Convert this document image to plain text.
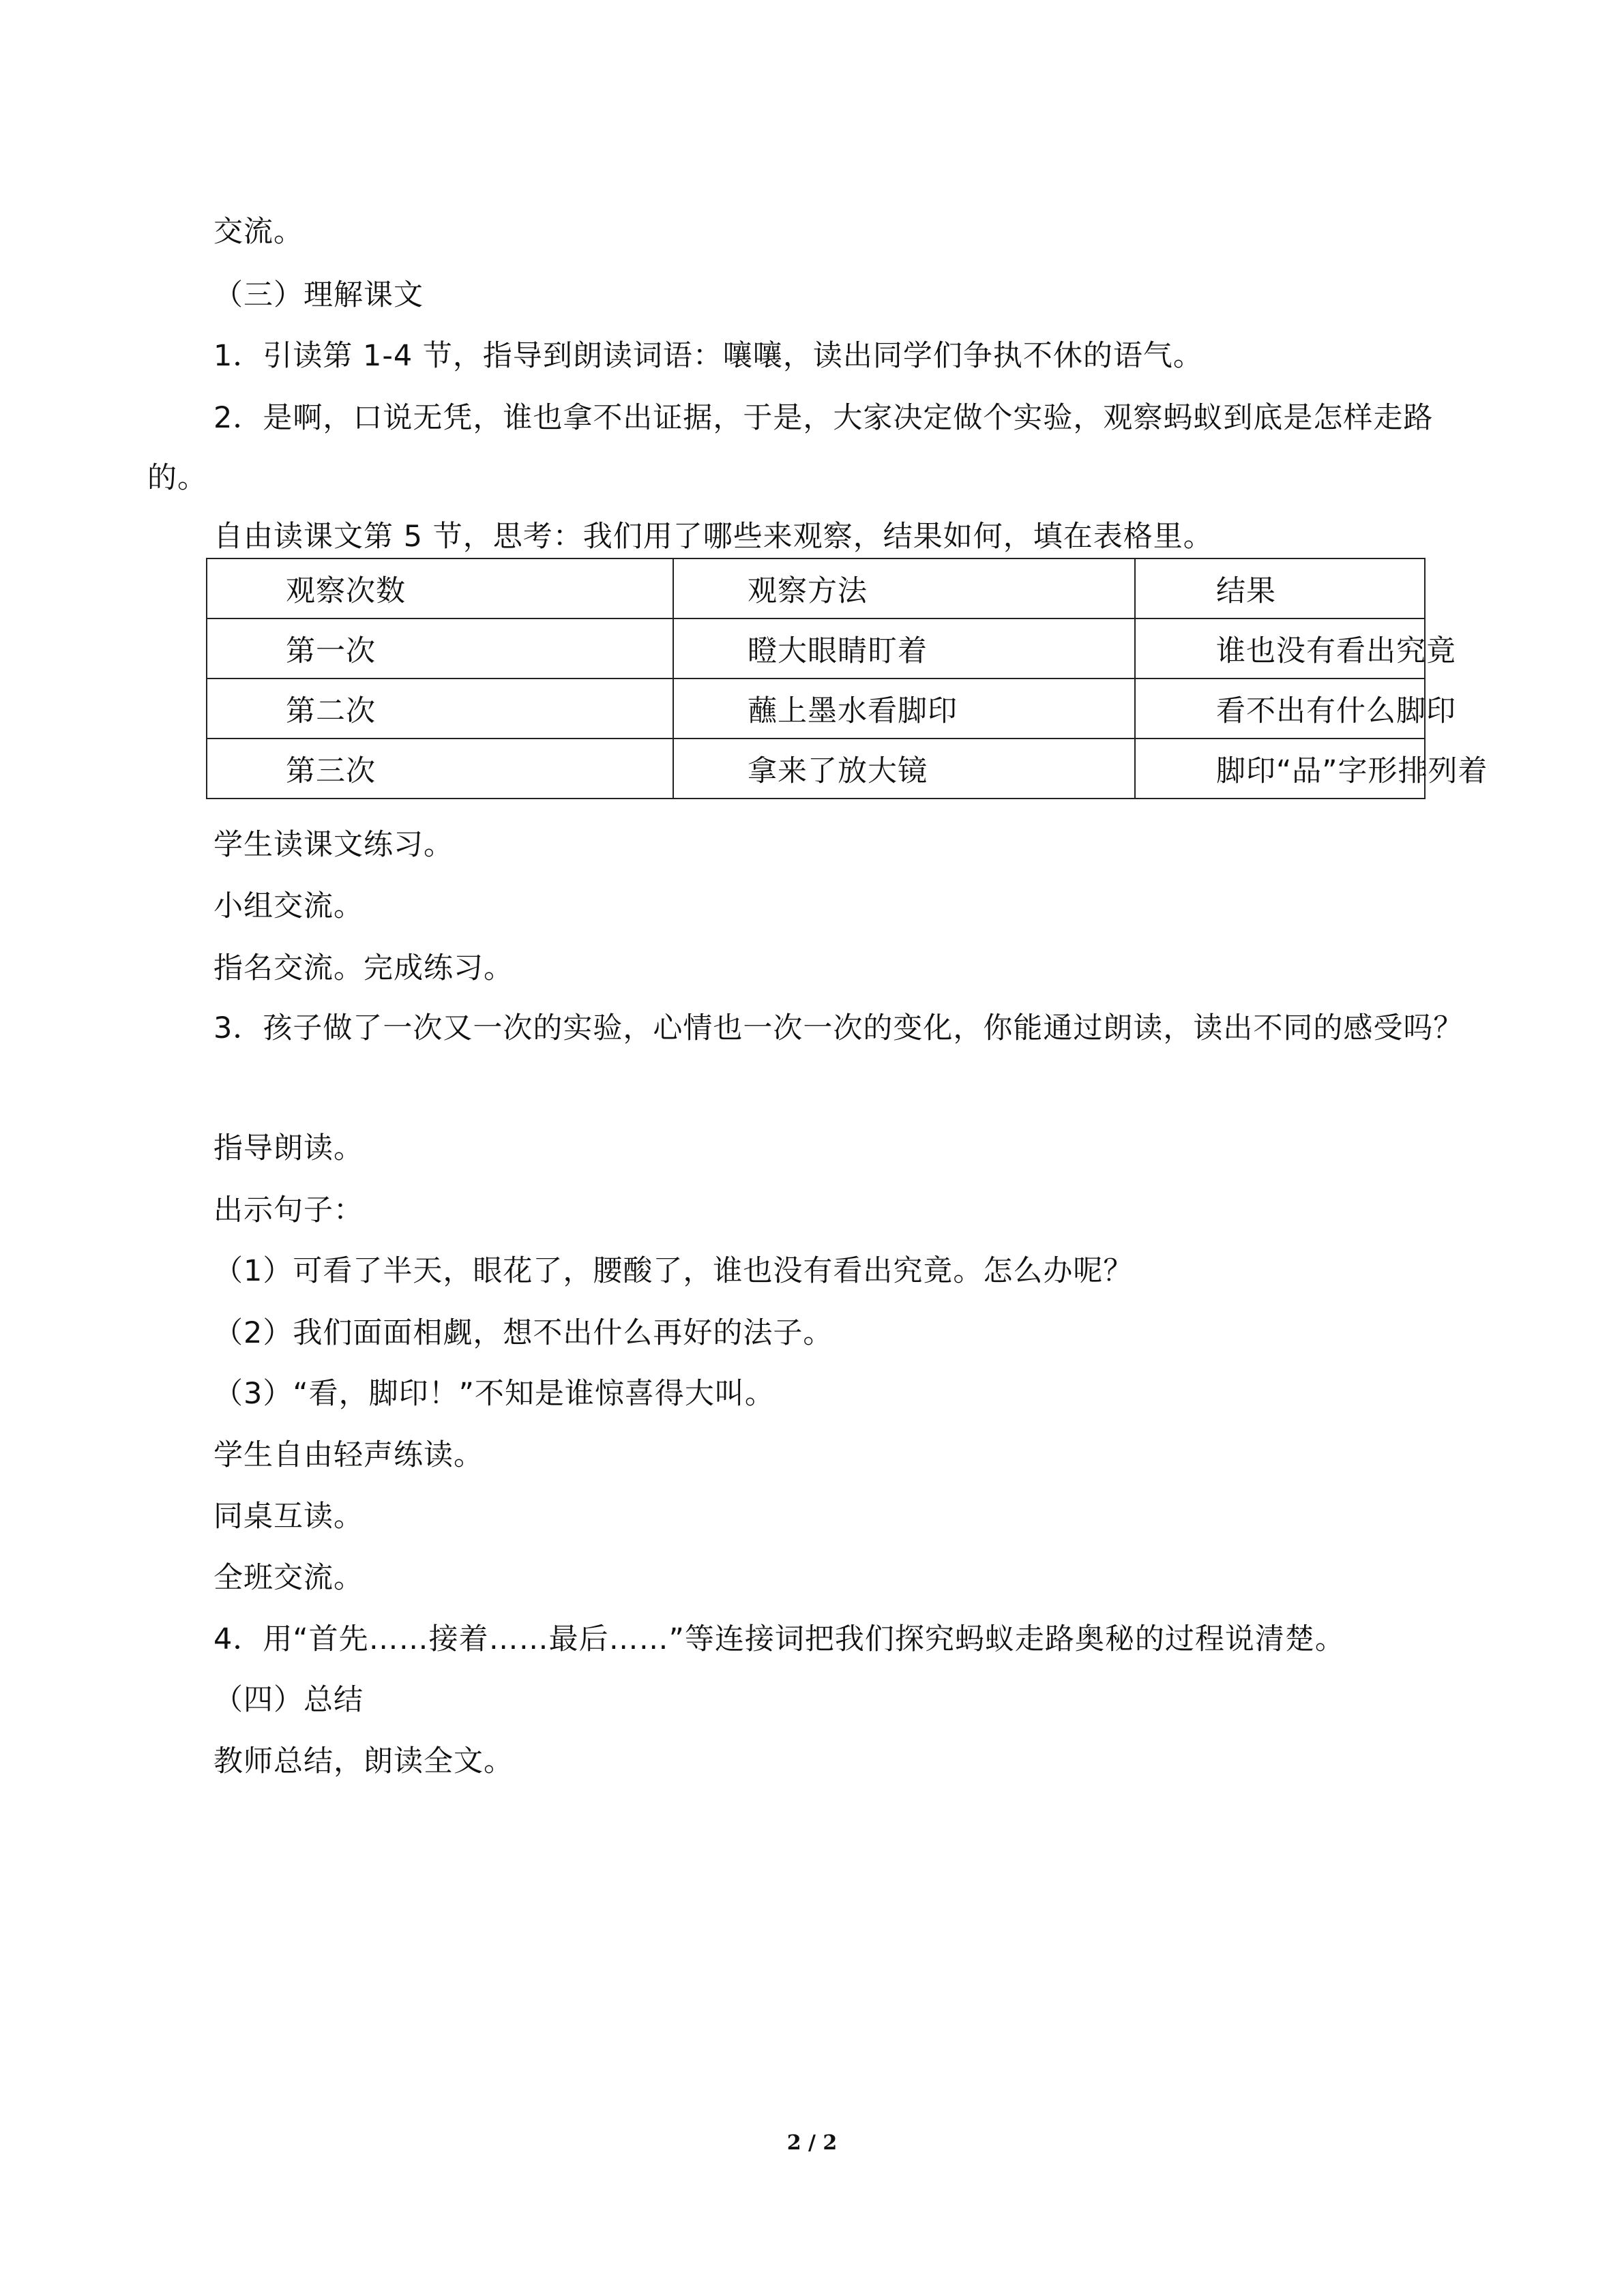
交流。
（三）理解课文
1．引读第 1-4 节，指导到朗读词语：嚷嚷，读出同学们争执不休的语气。
2．是啊，口说无凭，谁也拿不出证据，于是，大家决定做个实验，观察蚂蚁到底是怎样走路的。
自由读课文第 5 节，思考：我们用了哪些来观察，结果如何，填在表格里。
观察次数	观察方法	结果
第一次	瞪大眼睛盯着	谁也没有看出究竟
第二次	蘸上墨水看脚印	看不出有什么脚印
第三次	拿来了放大镜	脚印“品”字形排列着
学生读课文练习。
小组交流。
指名交流。完成练习。
3．孩子做了一次又一次的实验，心情也一次一次的变化，你能通过朗读，读出不同的感受吗？
指导朗读。
出示句子：
（1）可看了半天，眼花了，腰酸了，谁也没有看出究竟。怎么办呢？
（2）我们面面相觑，想不出什么再好的法子。
（3）“看，脚印！”不知是谁惊喜得大叫。
学生自由轻声练读。
同桌互读。
全班交流。
4．用“首先……接着……最后……”等连接词把我们探究蚂蚁走路奥秘的过程说清楚。
（四）总结
教师总结，朗读全文。
2 / 2
